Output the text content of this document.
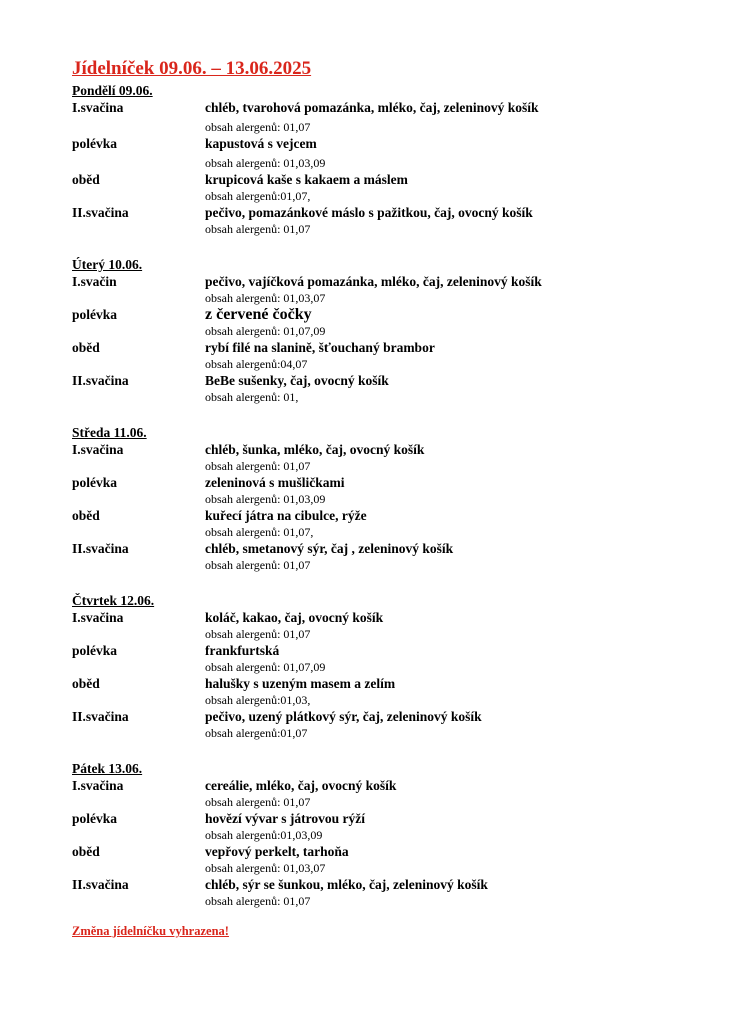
Jídelníček 09.06. – 13.06.2025
Pondělí 09.06.
I.svačina	chléb, tvarohová pomazánka, mléko, čaj, zeleninový košík
obsah alergenů: 01,07
polévka	kapustová s vejcem
obsah alergenů: 01,03,09
oběd	krupicová kaše s kakaem a máslem
obsah alergenů:01,07,
II.svačina	pečivo, pomazánkové máslo s pažitkou, čaj, ovocný košík
obsah alergenů: 01,07
Úterý 10.06.
I.svačin	pečivo, vajíčková pomazánka, mléko, čaj, zeleninový košík
obsah alergenů: 01,03,07
polévka	z červené čočky
obsah alergenů: 01,07,09
oběd	rybí filé na slanině, šťouchaný brambor
obsah alergenů:04,07
II.svačina	BeBe sušenky, čaj, ovocný košík
obsah alergenů: 01,
Středa 11.06.
I.svačina	chléb, šunka, mléko, čaj, ovocný košík
obsah alergenů: 01,07
polévka	zeleninová s mušličkami
obsah alergenů: 01,03,09
oběd	kuřecí játra na cibulce, rýže
obsah alergenů: 01,07,
II.svačina	chléb, smetanový sýr, čaj , zeleninový košík
obsah alergenů: 01,07
Čtvrtek 12.06.
I.svačina	koláč, kakao, čaj, ovocný košík
obsah alergenů: 01,07
polévka	frankfurtská
obsah alergenů: 01,07,09
oběd	halušky s uzeným masem a zelím
obsah alergenů:01,03,
II.svačina	pečivo, uzený plátkový sýr, čaj, zeleninový košík
obsah alergenů:01,07
Pátek 13.06.
I.svačina	cereálie, mléko, čaj, ovocný košík
obsah alergenů: 01,07
polévka	hovězí vývar s játrovou rýží
obsah alergenů:01,03,09
oběd	vepřový perkelt, tarhoňa
obsah alergenů: 01,03,07
II.svačina	chléb, sýr se šunkou, mléko, čaj, zeleninový košík
obsah alergenů: 01,07
Změna jídelníčku vyhrazena!
